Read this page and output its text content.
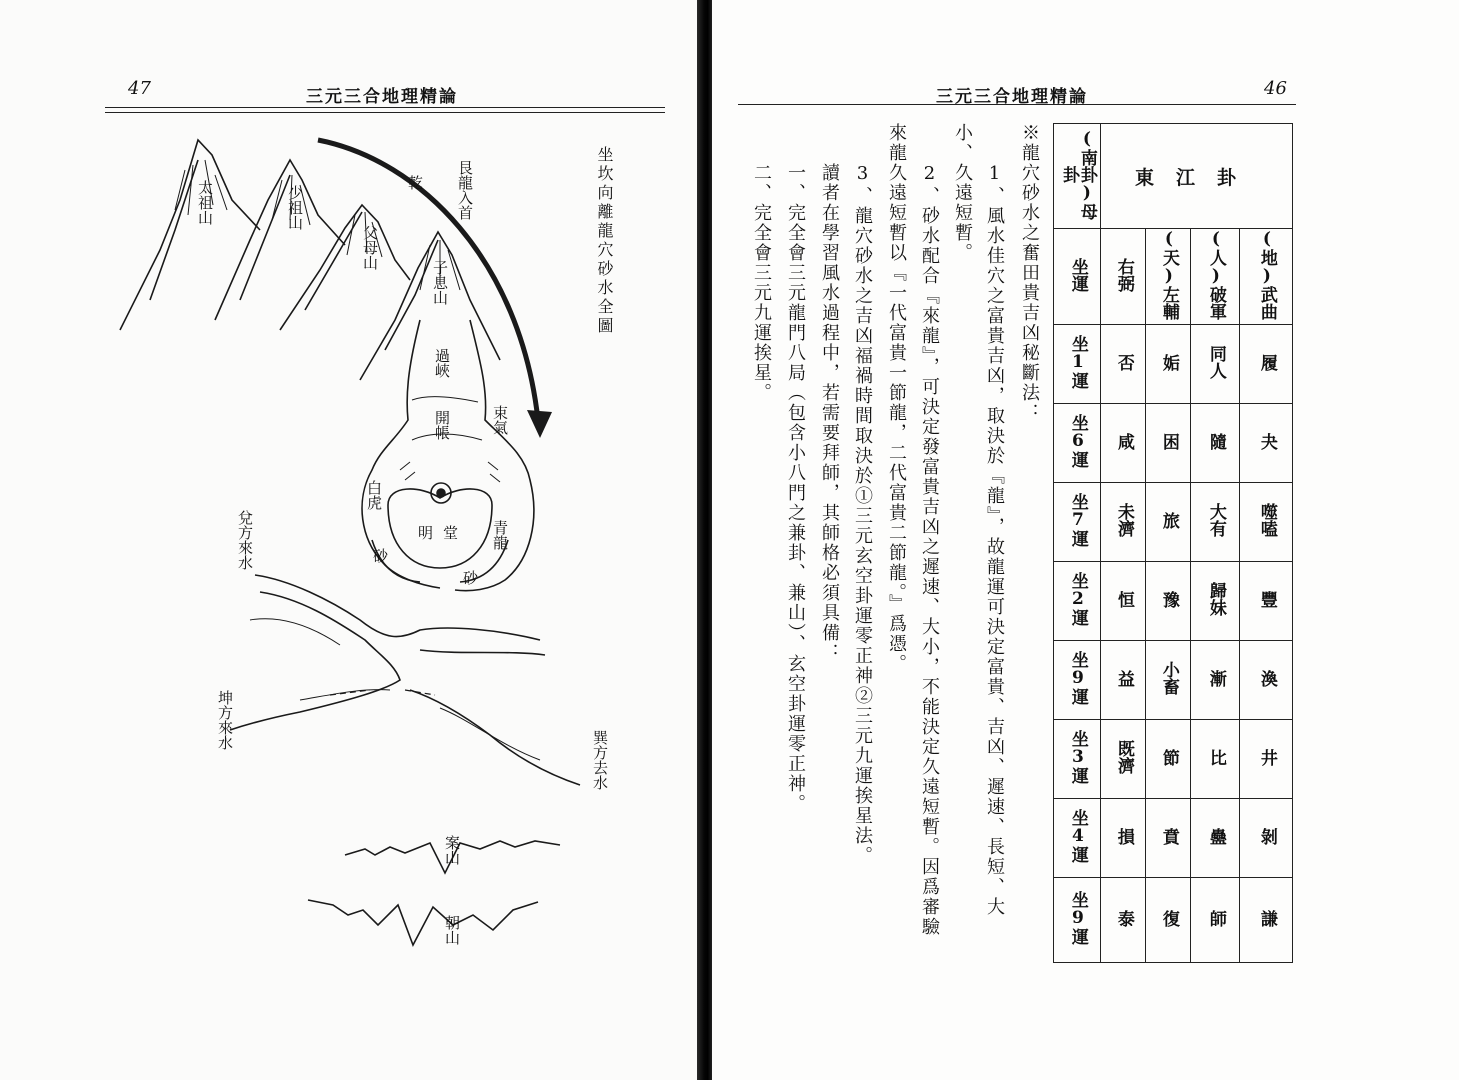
47	三元三合地理精論
坐坎向離龍穴砂水全圖
太祖山	少祖山
父母山
子息山
艮龍入首
乾
過峽
開帳	束氣
白虎
砂
青龍
砂
明堂
兌方來水
坤方來水
巽方去水
案山
朝山
三元三合地理精論	46
(南卦)母卦	東江卦			
坐運	右弼	(天)左輔	(人)破軍	(地)武曲
坐1運	否	姤	同人	履
坐6運	咸	困	隨	夬
坐7運	未濟	旅	大有	噬嗑
坐2運	恒	豫	歸妹	豐
坐9運	益	小畜	漸	渙
坐3運	既濟	節	比	井
坐4運	損	賁	蠱	剝
坐9運	泰	復	師	謙
※龍穴砂水之奮田貴吉凶秘斷法：
1、風水佳穴之富貴吉凶，取決於『龍』，故龍運可決定富貴、吉凶、遲速、長短、大
小、久遠短暫。
2、砂水配合『來龍』，可決定發富貴吉凶之遲速、大小，不能決定久遠短暫。因爲審驗
來龍久遠短暫以『一代富貴一節龍，二代富貴二節龍。』爲憑。
3、龍穴砂水之吉凶福禍時間取決於①三元玄空卦運零正神②三元九運挨星法。
讀者在學習風水過程中，若需要拜師，其師格必須具備：
一、完全會三元龍門八局（包含小八門之兼卦、兼山）、玄空卦運零正神。
二、完全會三元九運挨星。
